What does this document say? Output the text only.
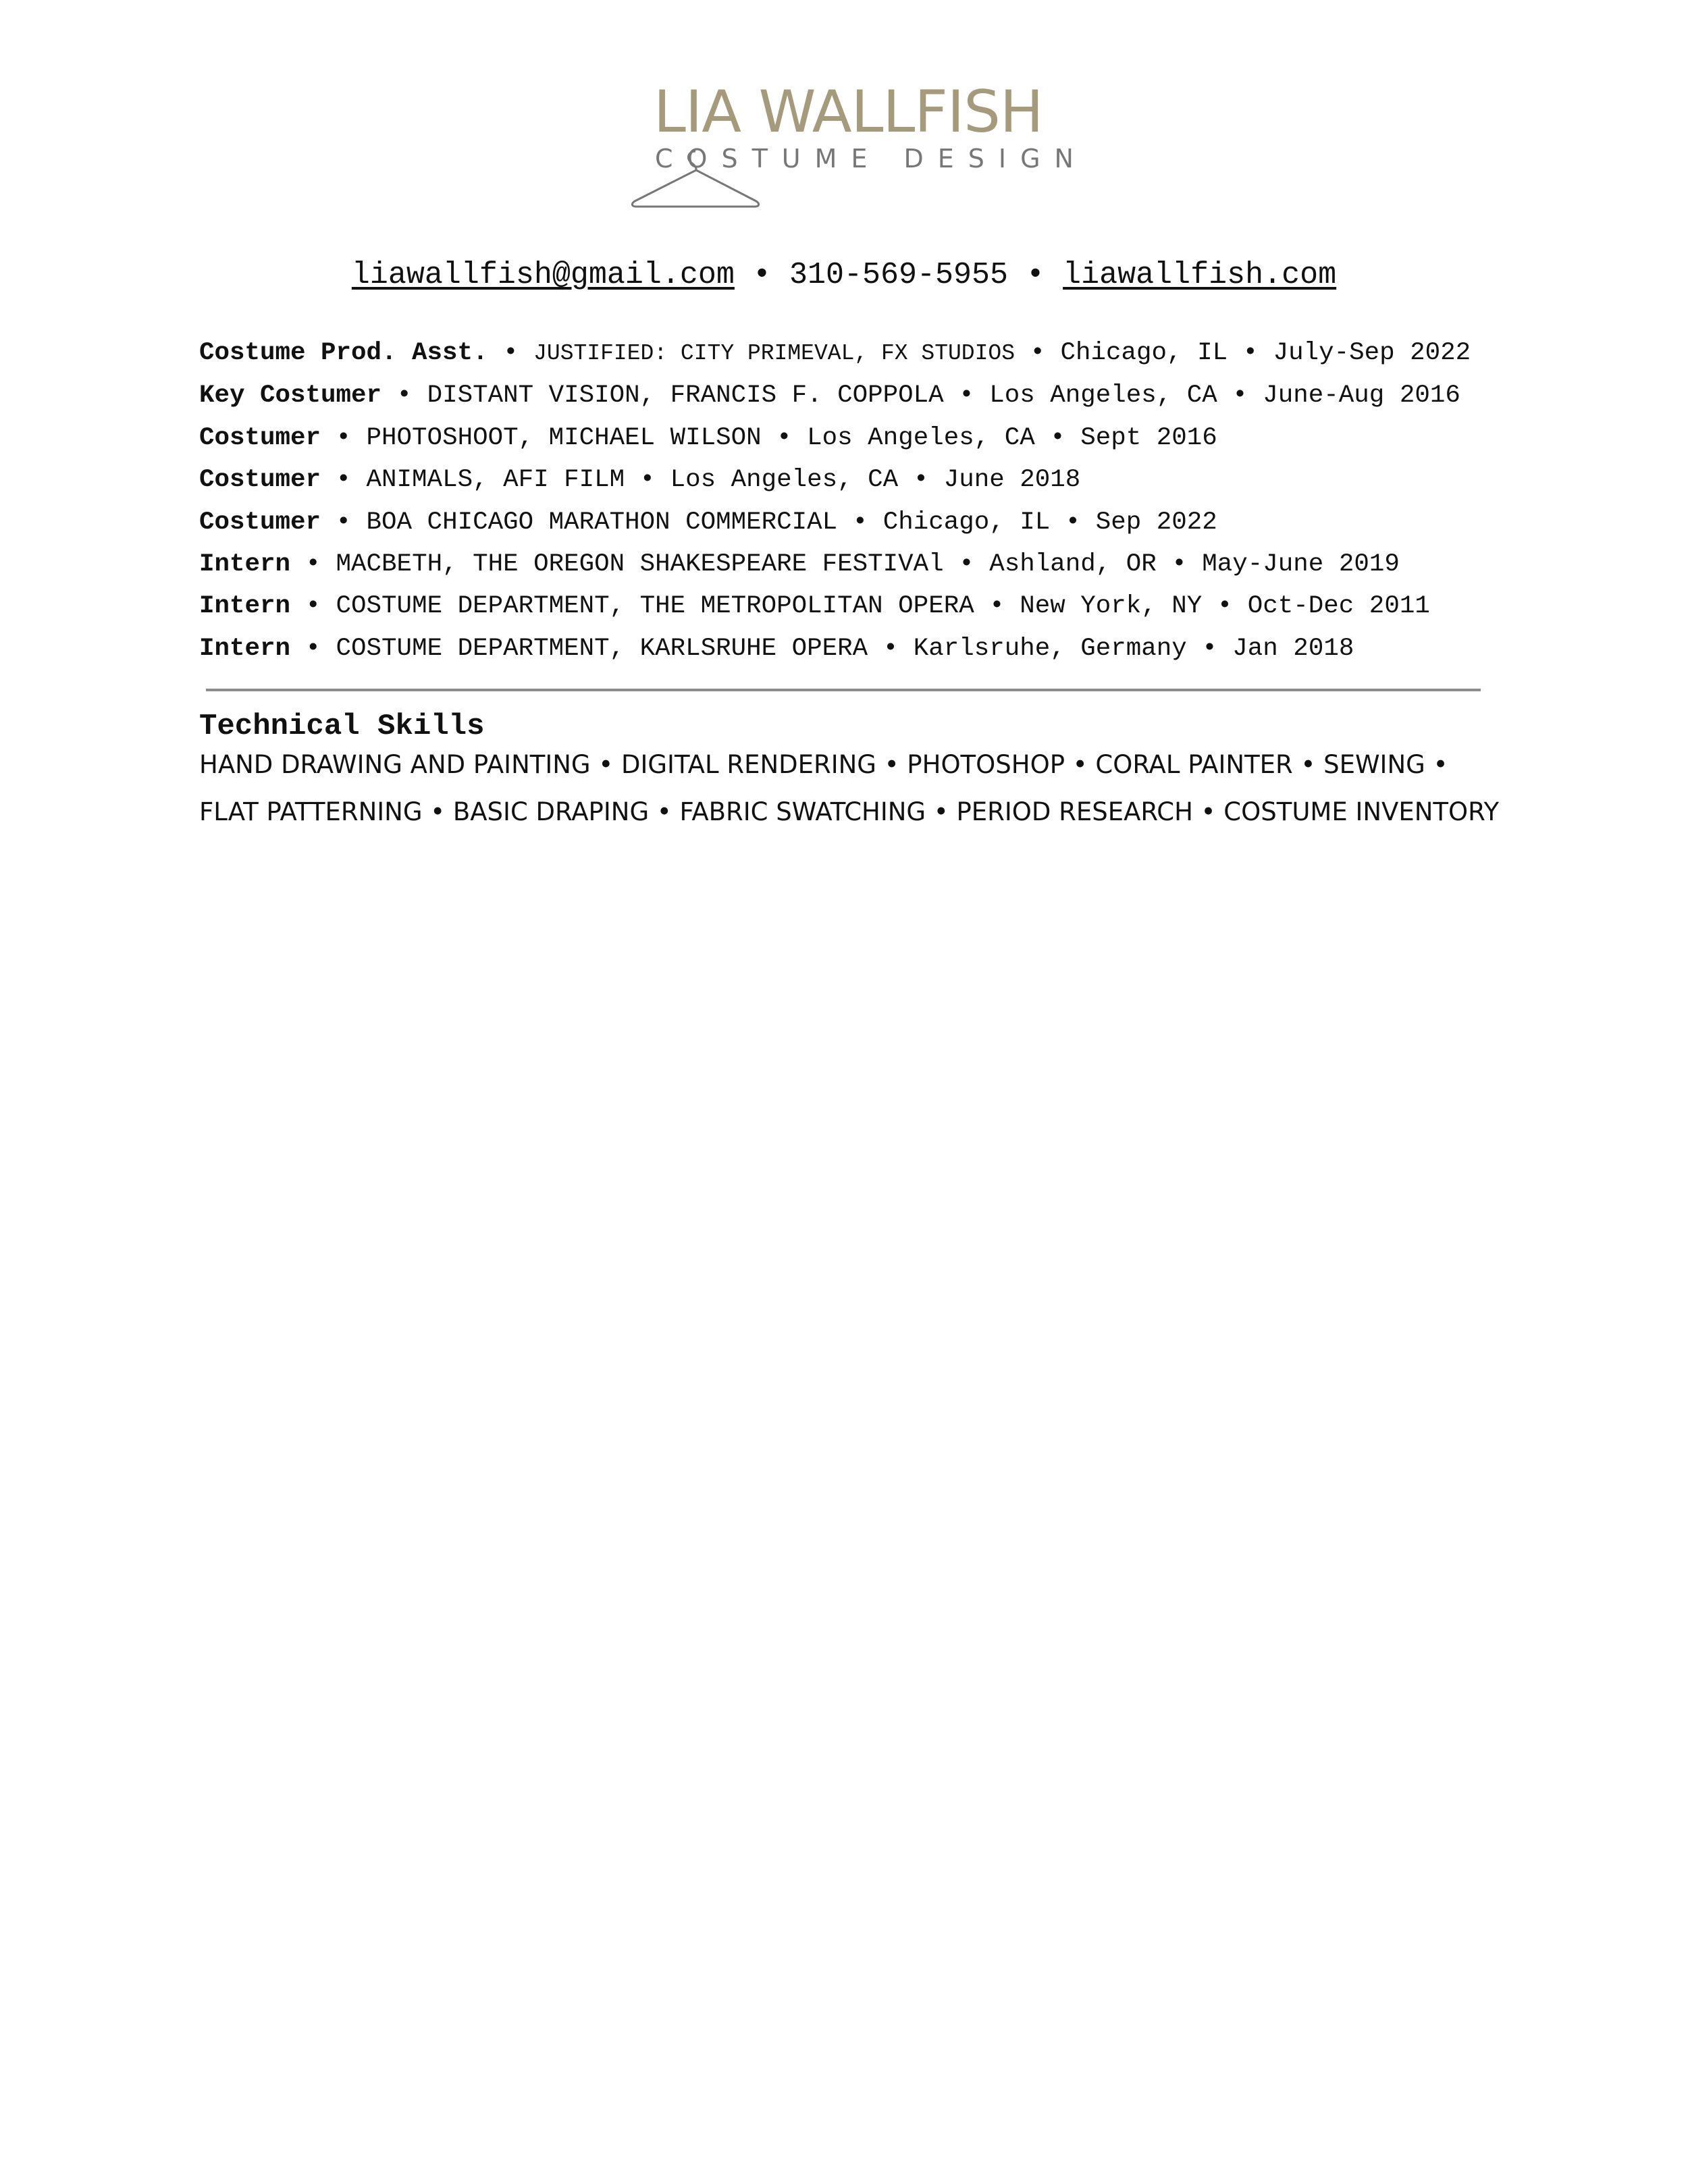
LIA WALLFISH
COSTUME DESIGN
liawallfish@gmail.com • 310-569-5955 • liawallfish.com
Costume Prod. Asst. • JUSTIFIED: CITY PRIMEVAL, FX STUDIOS • Chicago, IL • July-Sep 2022
Key Costumer • DISTANT VISION, FRANCIS F. COPPOLA • Los Angeles, CA • June-Aug 2016
Costumer • PHOTOSHOOT, MICHAEL WILSON • Los Angeles, CA • Sept 2016
Costumer • ANIMALS, AFI FILM • Los Angeles, CA • June 2018
Costumer • BOA CHICAGO MARATHON COMMERCIAL • Chicago, IL • Sep 2022
Intern • MACBETH, THE OREGON SHAKESPEARE FESTIVAl • Ashland, OR • May-June 2019
Intern • COSTUME DEPARTMENT, THE METROPOLITAN OPERA • New York, NY • Oct-Dec 2011
Intern • COSTUME DEPARTMENT, KARLSRUHE OPERA • Karlsruhe, Germany • Jan 2018
Technical Skills
HAND DRAWING AND PAINTING • DIGITAL RENDERING • PHOTOSHOP • CORAL PAINTER • SEWING • FLAT PATTERNING • BASIC DRAPING • FABRIC SWATCHING • PERIOD RESEARCH • COSTUME INVENTORY
